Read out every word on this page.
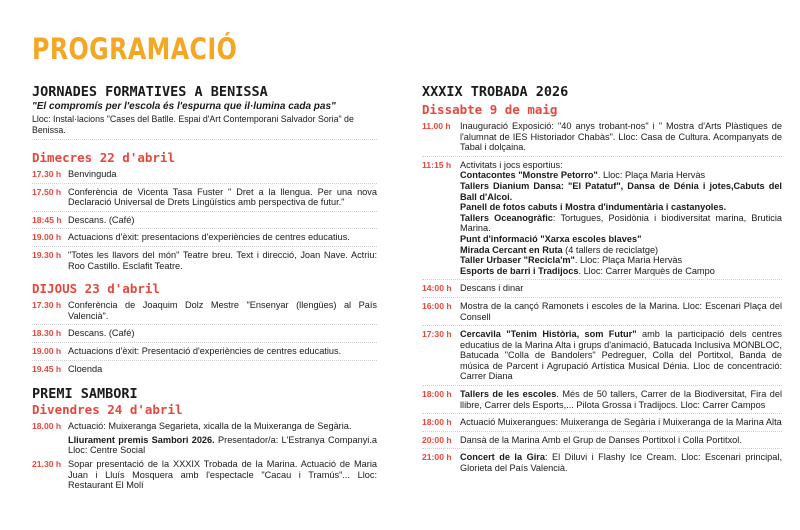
PROGRAMACIÓ
JORNADES FORMATIVES A BENISSA
"El compromís per l'escola és l'espurna que il·lumina cada pas"
Lloc: Instal·lacions "Cases del Batlle. Espai d'Art Contemporani Salvador Soria" de Benissa.
Dimecres 22 d'abril
17.30 h Benvinguda
17.50 h Conferència de Vicenta Tasa Fuster " Dret a la llengua. Per una nova Declaració Universal de Drets Lingüístics amb perspectiva de futur."
18:45 h Descans. (Café)
19.00 h Actuacions d'èxit: presentacions d'experiències de centres educatius.
19.30 h "Totes les llavors del món" Teatre breu. Text i direcció, Joan Nave. Actriu: Roo Castillo. Esclafit Teatre.
DIJOUS 23 d'abril
17.30 h Conferència de Joaquim Dolz Mestre "Ensenyar (llengües) al País Valencià".
18.30 h Descans. (Café)
19.00 h Actuacions d'èxit: Presentació d'experiències de centres educatius.
19.45 h Cloenda
PREMI SAMBORI
Divendres 24 d'abril
18.00 h Actuació: Muixeranga Segarieta, xicalla de la Muixeranga de Segària.
Lliurament premis Sambori 2026. Presentador/a: L'Estranya Companyi.a Lloc: Centre Social
21.30 h Sopar presentació de la XXXIX Trobada de la Marina. Actuació de Maria Juan i Lluís Mosquera amb l'espectacle "Cacau i Tramús"... Lloc: Restaurant El Molí
XXXIX TROBADA 2026
Dissabte 9 de maig
11.00 h	Inauguració Exposició: "40 anys trobant-nos" i " Mostra d'Arts Plàstiques de l'alumnat de IES Historiador Chabàs". Lloc: Casa de Cultura. Acompanyats de Tabal i dolçaina.
11:15 h Activitats i jocs esportius:
Contacontes "Monstre Petorro". Lloc: Plaça Maria Hervàs
Tallers Dianium Dansa: "El Patatuf", Dansa de Dénia i jotes,Cabuts del Ball d'Alcoi.
Panell de fotos cabuts i Mostra d'indumentària i castanyoles.
Tallers Oceanogràfic: Tortugues, Posidònia i biodiversitat marina, Bruticia Marina.
Punt d'informació "Xarxa escoles blaves"
Mirada Cercant en Ruta (4 tallers de reciclatge)
Taller Urbaser "Recicla'm". Lloc: Plaça Maria Hervàs
Esports de barri i Tradijocs. Lloc: Carrer Marquès de Campo
14:00 h Descans i dinar
16:00 h Mostra de la cançó Ramonets i escoles de la Marina. Lloc: Escenari Plaça del Consell
17:30 h Cercavila "Tenim Història, som Futur" amb la participació dels centres educatius de la Marina Alta i grups d'animació, Batucada Inclusiva MONBLOC, Batucada "Colla de Bandolers" Pedreguer, Colla del Portitxol, Banda de música de Parcent i Agrupació Artística Musical Dénia. Lloc de concentració: Carrer Diana
18:00 h Tallers de les escoles. Més de 50 tallers, Carrer de la Biodiversitat, Fira del llibre, Carrer dels Esports,... Pilota Grossa i Tradijocs. Lloc: Carrer Campos
18:00 h Actuació Muixerangues: Muixeranga de Segària i Muixeranga de la Marina Alta
20:00 h Dansà de la Marina Amb el Grup de Danses Portitxol i Colla Portitxol.
21:00 h Concert de la Gira: El Diluvi i Flashy Ice Cream. Lloc: Escenari principal, Glorieta del País Valencià.
